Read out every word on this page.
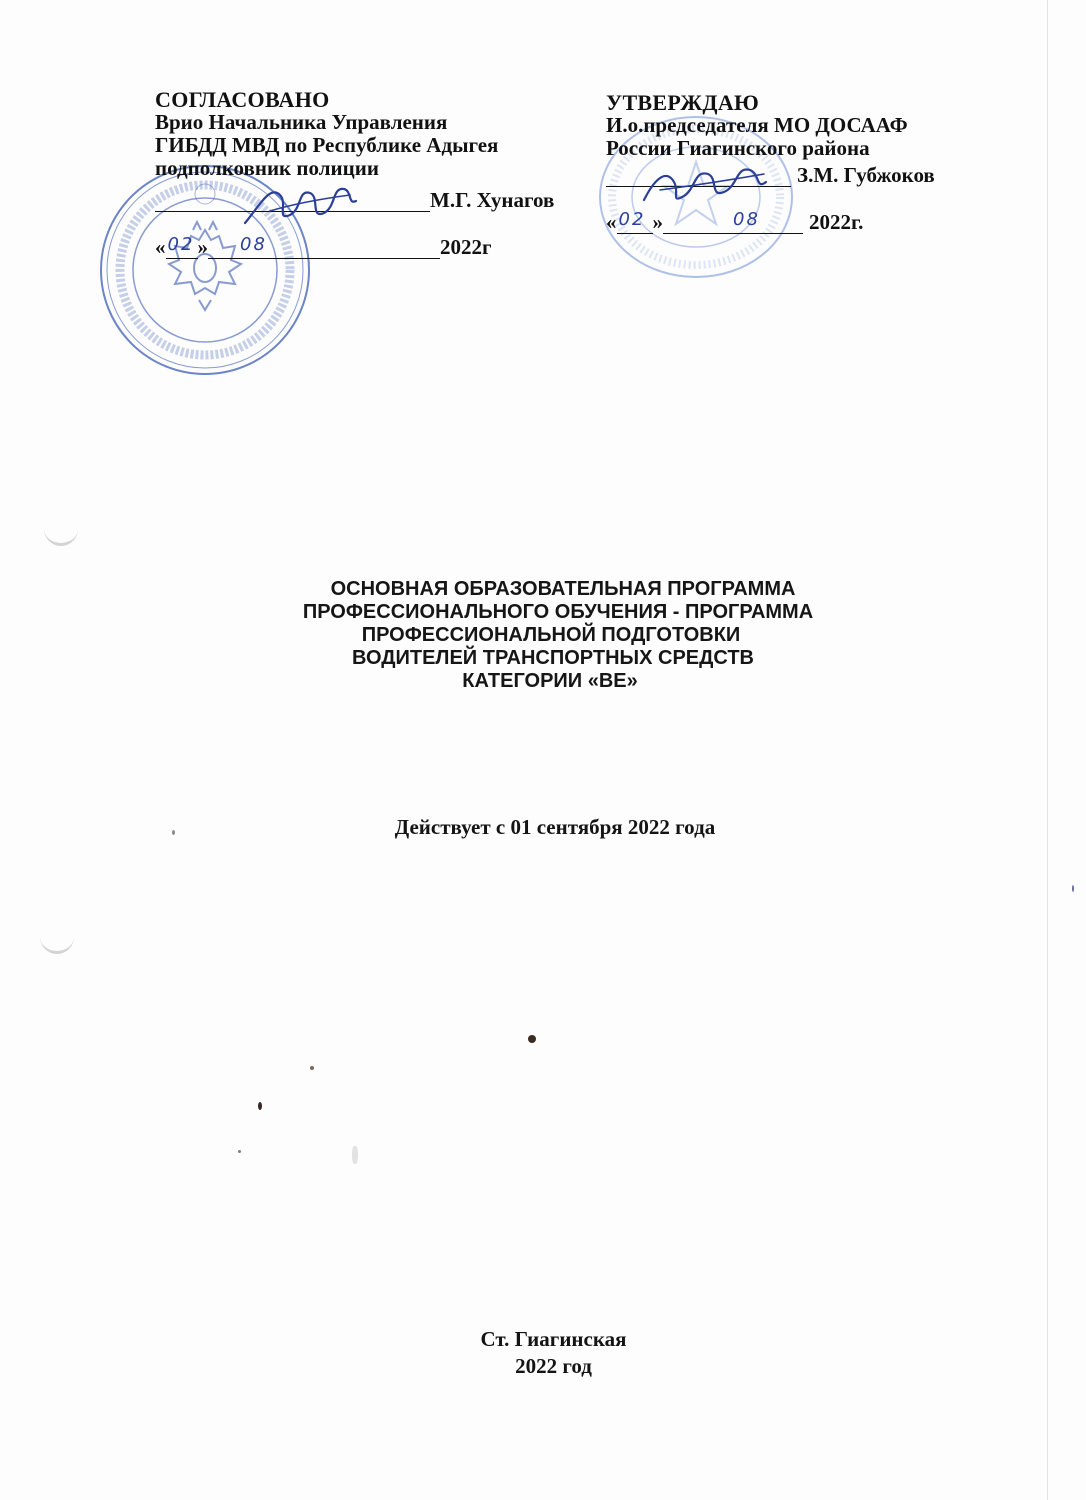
СОГЛАСОВАНО
Врио Начальника Управления
ГИБДД МВД по Республике Адыгея
подполковник полиции
М.Г. Хунагов
« 02 » 08	2022г
УТВЕРЖДАЮ
И.о.председателя МО ДОСААФ
России Гиагинского района
З.М. Губжоков
« 02 »	08 2022г.
ОСНОВНАЯ ОБРАЗОВАТЕЛЬНАЯ ПРОГРАММА
ПРОФЕССИОНАЛЬНОГО ОБУЧЕНИЯ - ПРОГРАММА
ПРОФЕССИОНАЛЬНОЙ ПОДГОТОВКИ
ВОДИТЕЛЕЙ ТРАНСПОРТНЫХ СРЕДСТВ
КАТЕГОРИИ «ВЕ»
Действует с 01 сентября 2022 года
Ст. Гиагинская
2022 год
